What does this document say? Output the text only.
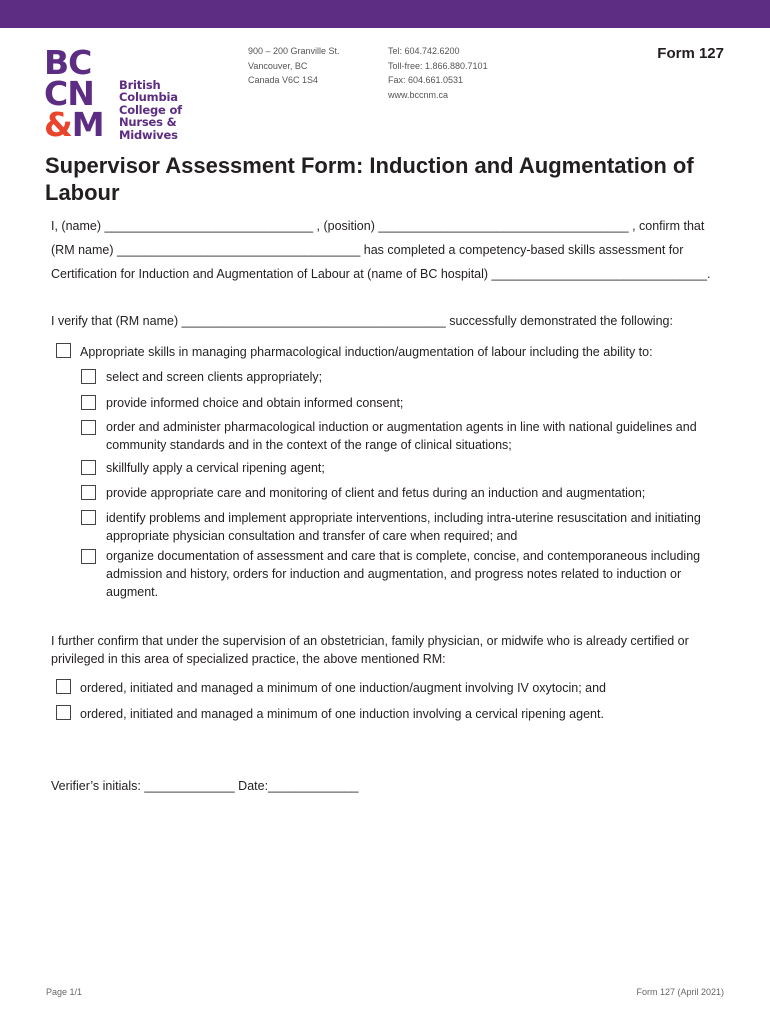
BC
CN
&M
British
Columbia
College of
Nurses &
Midwives
900 – 200 Granville St.
Vancouver, BC
Canada V6C 1S4
Tel: 604.742.6200
Toll-free: 1.866.880.7101
Fax: 604.661.0531
www.bccnm.ca
Form 127
Supervisor Assessment Form: Induction and Augmentation of Labour
I, (name) ______________________________ , (position) ____________________________________ , confirm that
(RM name) ___________________________________ has completed a competency-based skills assessment for
Certification for Induction and Augmentation of Labour at (name of BC hospital) _______________________________.
I verify that (RM name) ______________________________________ successfully demonstrated the following:
Appropriate skills in managing pharmacological induction/augmentation of labour including the ability to:
select and screen clients appropriately;
provide informed choice and obtain informed consent;
order and administer pharmacological induction or augmentation agents in line with national guidelines and community standards and in the context of the range of clinical situations;
skillfully apply a cervical ripening agent;
provide appropriate care and monitoring of client and fetus during an induction and augmentation;
identify problems and implement appropriate interventions, including intra-uterine resuscitation and initiating appropriate physician consultation and transfer of care when required; and
organize documentation of assessment and care that is complete, concise, and contemporaneous including admission and history, orders for induction and augmentation, and progress notes related to induction or augment.
I further confirm that under the supervision of an obstetrician, family physician, or midwife who is already certified or privileged in this area of specialized practice, the above mentioned RM:
ordered, initiated and managed a minimum of one induction/augment involving IV oxytocin; and
ordered, initiated and managed a minimum of one induction involving a cervical ripening agent.
Verifier’s initials: _____________ Date:_____________
Page 1/1	Form 127 (April 2021)
